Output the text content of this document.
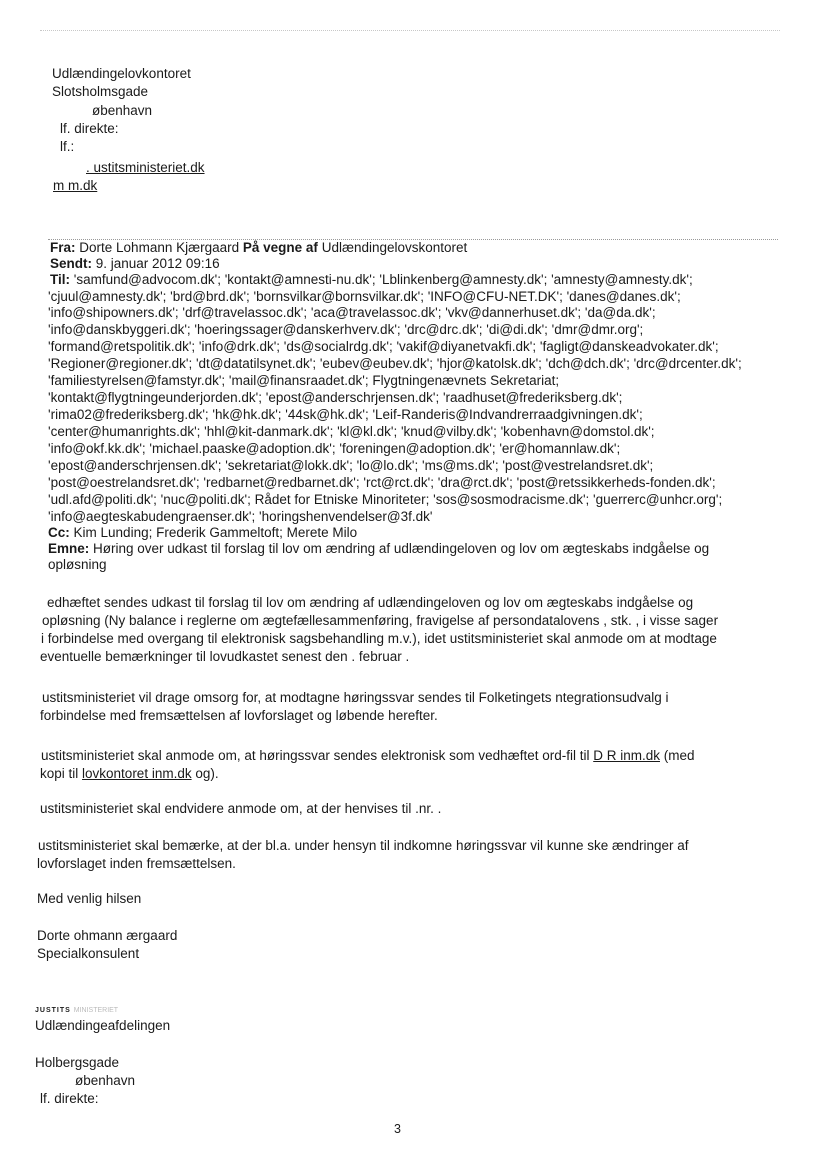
Udlændingelovkontoret
Slotsholmsgade
øbenhavn
lf. direkte:
lf.:
. ustitsministeriet.dk
m m.dk
Fra: Dorte Lohmann Kjærgaard På vegne af Udlændingelovskontoret
Sendt: 9. januar 2012 09:16
Til: 'samfund@advocom.dk'; 'kontakt@amnesti-nu.dk'; 'Lblinkenberg@amnesty.dk'; 'amnesty@amnesty.dk';
'cjuul@amnesty.dk'; 'brd@brd.dk'; 'bornsvilkar@bornsvilkar.dk'; 'INFO@CFU-NET.DK'; 'danes@danes.dk';
'info@shipowners.dk'; 'drf@travelassoc.dk'; 'aca@travelassoc.dk'; 'vkv@dannerhuset.dk'; 'da@da.dk';
'info@danskbyggeri.dk'; 'hoeringssager@danskerhverv.dk'; 'drc@drc.dk'; 'di@di.dk'; 'dmr@dmr.org';
'formand@retspolitik.dk'; 'info@drk.dk'; 'ds@socialrdg.dk'; 'vakif@diyanetvakfi.dk'; 'fagligt@danskeadvokater.dk';
'Regioner@regioner.dk'; 'dt@datatilsynet.dk'; 'eubev@eubev.dk'; 'hjor@katolsk.dk'; 'dch@dch.dk'; 'drc@drcenter.dk';
'familiestyrelsen@famstyr.dk'; 'mail@finansraadet.dk'; Flygtningenævnets Sekretariat;
'kontakt@flygtningeunderjorden.dk'; 'epost@anderschrjensen.dk'; 'raadhuset@frederiksberg.dk';
'rima02@frederiksberg.dk'; 'hk@hk.dk'; '44sk@hk.dk'; 'Leif-Randeris@Indvandrerraadgivningen.dk';
'center@humanrights.dk'; 'hhl@kit-danmark.dk'; 'kl@kl.dk'; 'knud@vilby.dk'; 'kobenhavn@domstol.dk';
'info@okf.kk.dk'; 'michael.paaske@adoption.dk'; 'foreningen@adoption.dk'; 'er@homannlaw.dk';
'epost@anderschrjensen.dk'; 'sekretariat@lokk.dk'; 'lo@lo.dk'; 'ms@ms.dk'; 'post@vestrelandsret.dk';
'post@oestrelandsret.dk'; 'redbarnet@redbarnet.dk'; 'rct@rct.dk'; 'dra@rct.dk'; 'post@retssikkerheds-fonden.dk';
'udl.afd@politi.dk'; 'nuc@politi.dk'; Rådet for Etniske Minoriteter; 'sos@sosmodracisme.dk'; 'guerrerc@unhcr.org';
'info@aegteskabudengraenser.dk'; 'horingshenvendelser@3f.dk'
Cc: Kim Lunding; Frederik Gammeltoft; Merete Milo
Emne: Høring over udkast til forslag til lov om ændring af udlændingeloven og lov om ægteskabs indgåelse og
opløsning
edhæftet sendes udkast til forslag til lov om ændring af udlændingeloven og lov om ægteskabs indgåelse og
opløsning (Ny balance i reglerne om ægtefællesammenføring, fravigelse af persondatalovens , stk. , i visse sager
i forbindelse med overgang til elektronisk sagsbehandling m.v.), idet ustitsministeriet skal anmode om at modtage
eventuelle bemærkninger til lovudkastet senest den . februar .
ustitsministeriet vil drage omsorg for, at modtagne høringssvar sendes til Folketingets ntegrationsudvalg i
forbindelse med fremsættelsen af lovforslaget og løbende herefter.
ustitsministeriet skal anmode om, at høringssvar sendes elektronisk som vedhæftet ord-fil til D R inm.dk (med
kopi til lovkontoret inm.dk og).
ustitsministeriet skal endvidere anmode om, at der henvises til .nr. .
ustitsministeriet skal bemærke, at der bl.a. under hensyn til indkomne høringssvar vil kunne ske ændringer af
lovforslaget inden fremsættelsen.
Med venlig hilsen
Dorte ohmann ærgaard
Specialkonsulent
JUSTITS MINISTERIET
Udlændingeafdelingen
Holbergsgade
øbenhavn
lf. direkte:
3
